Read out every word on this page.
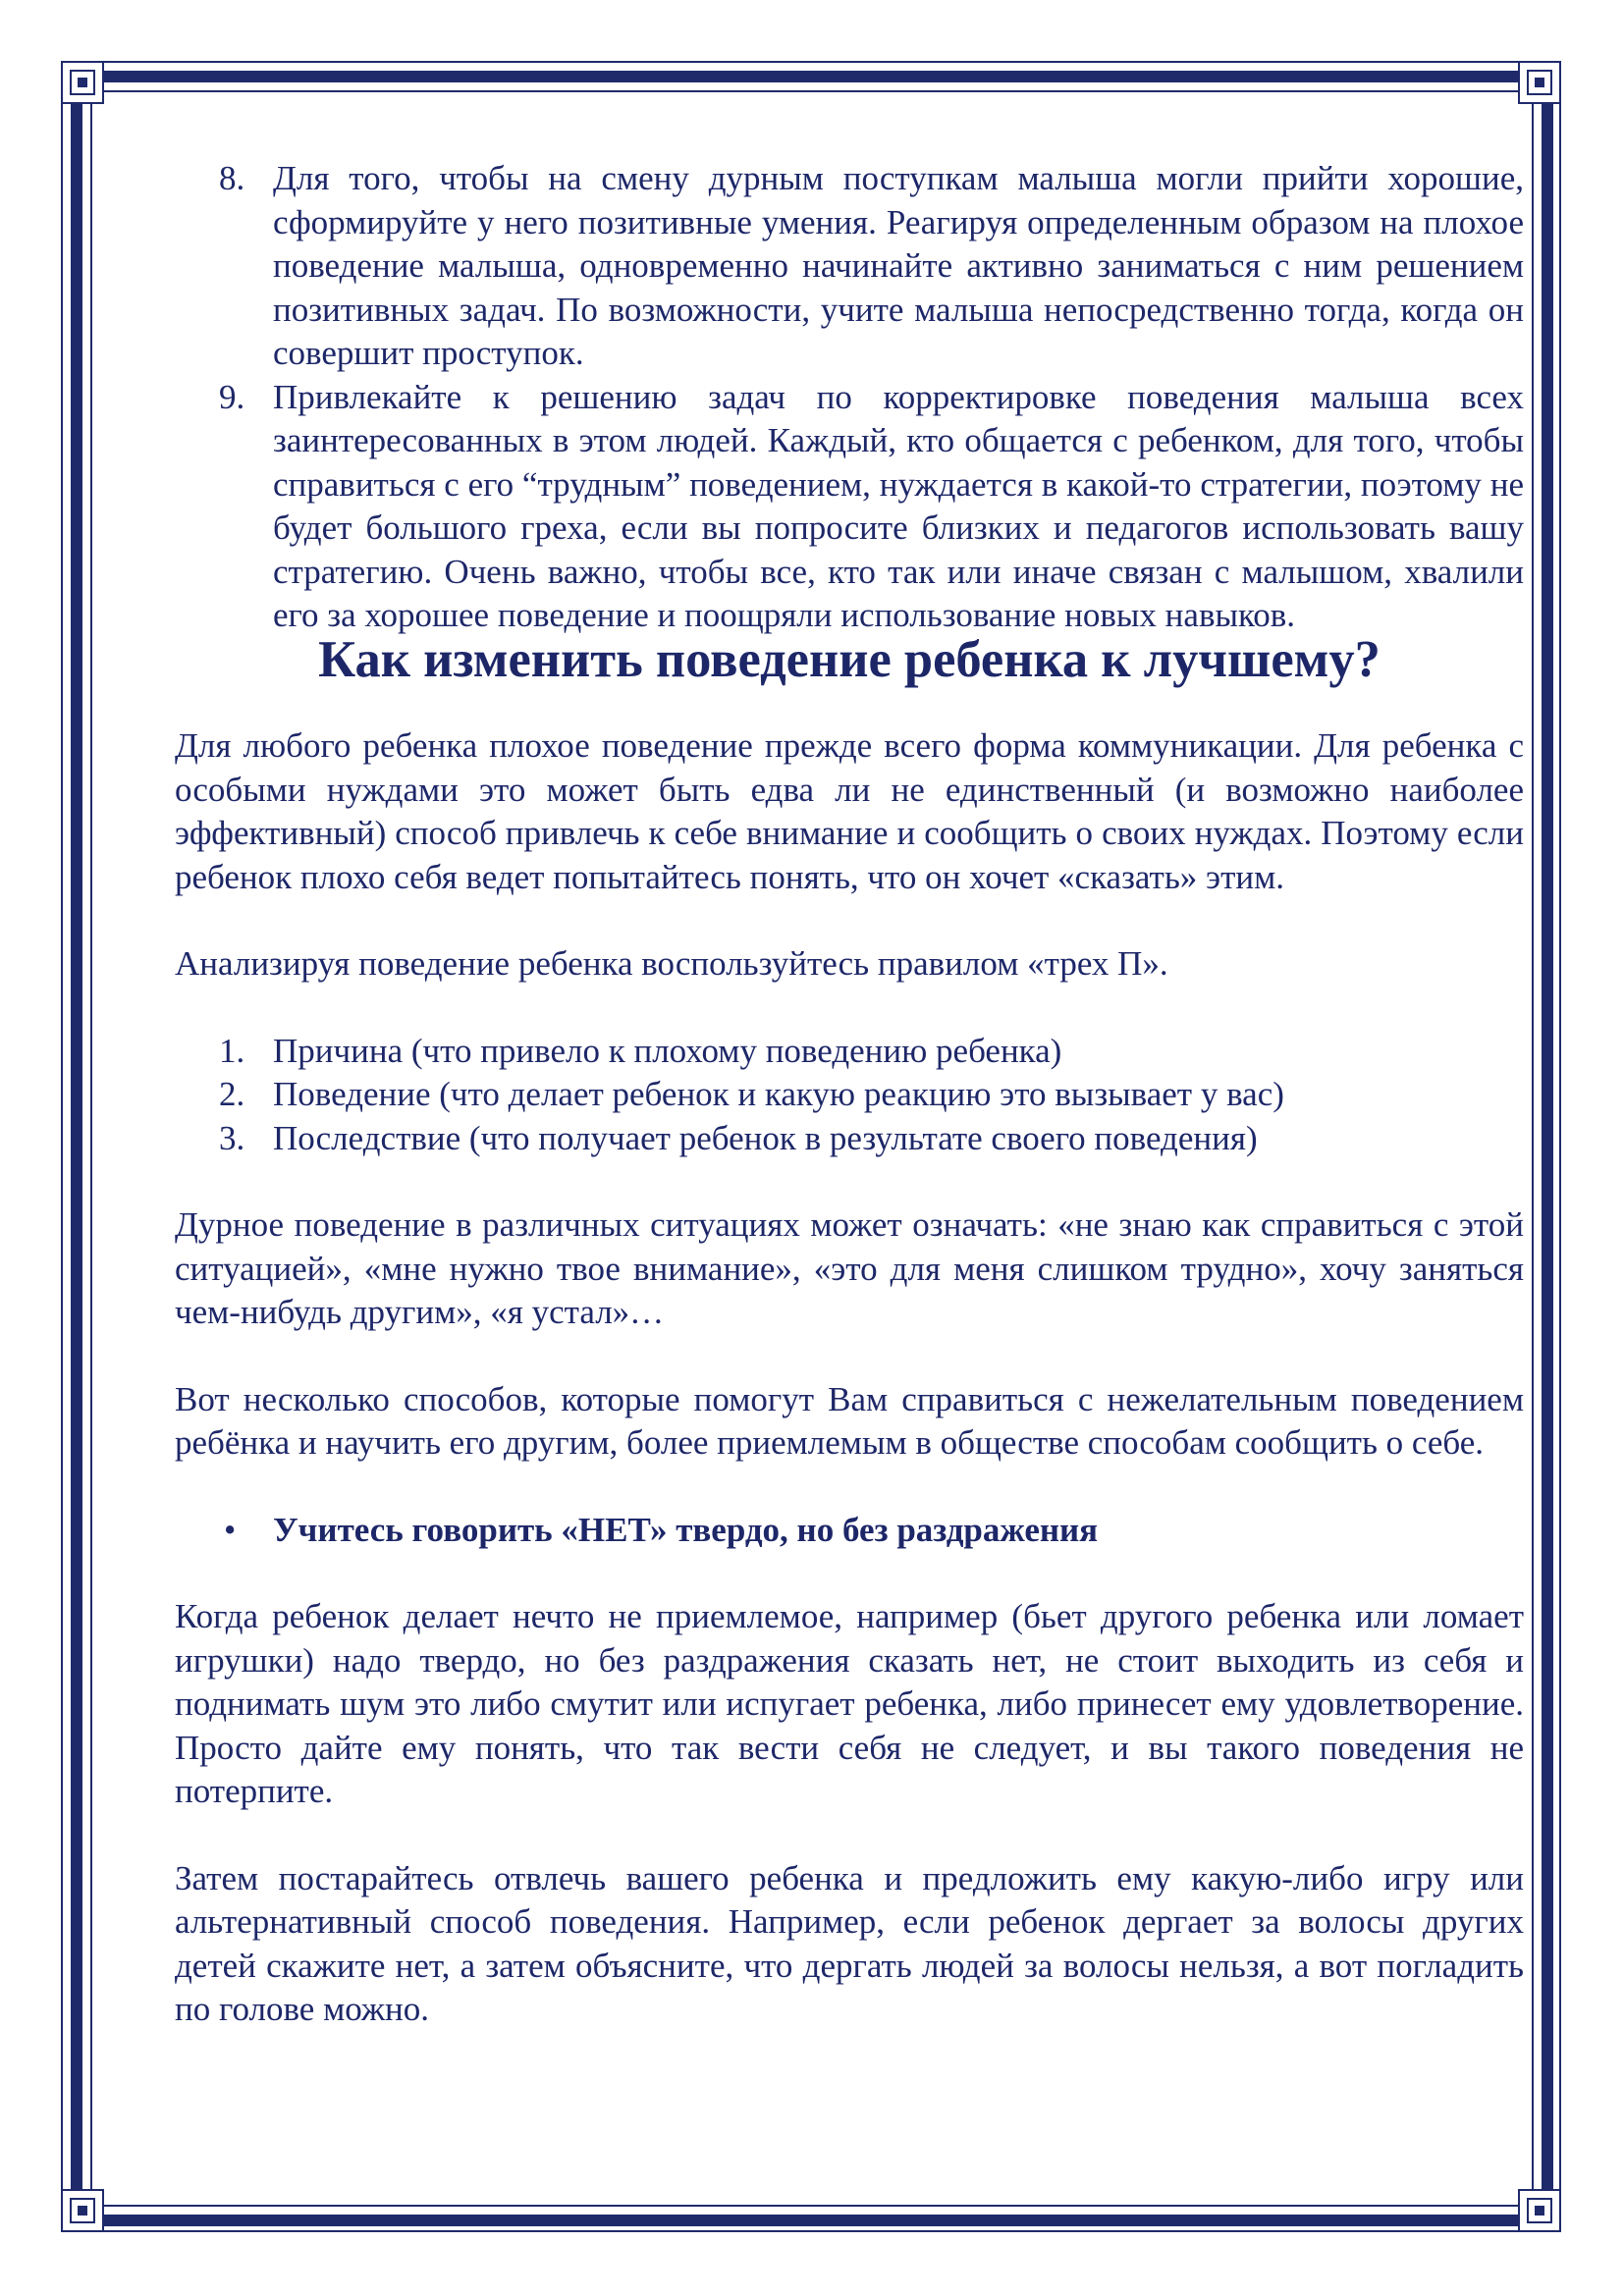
8. Для того, чтобы на смену дурным поступкам малыша могли прийти хорошие, сформируйте у него позитивные умения. Реагируя определенным образом на плохое поведение малыша, одновременно начинайте активно заниматься с ним решением позитивных задач. По возможности, учите малыша непосредственно тогда, когда он совершит проступок.
9. Привлекайте к решению задач по корректировке поведения малыша всех заинтересованных в этом людей. Каждый, кто общается с ребенком, для того, чтобы справиться с его “трудным” поведением, нуждается в какой-то стратегии, поэтому не будет большого греха, если вы попросите близких и педагогов использовать вашу стратегию. Очень важно, чтобы все, кто так или иначе связан с малышом, хвалили его за хорошее поведение и поощряли использование новых навыков.
Как изменить поведение ребенка к лучшему?

Для любого ребенка плохое поведение прежде всего форма коммуникации. Для ребенка с особыми нуждами это может быть едва ли не единственный (и возможно наиболее эффективный) способ привлечь к себе внимание и сообщить о своих нуждах. Поэтому если ребенок плохо себя ведет попытайтесь понять, что он хочет «сказать» этим.

Анализируя поведение ребенка воспользуйтесь правилом «трех П».

1. Причина (что привело к плохому поведению ребенка)
2. Поведение (что делает ребенок и какую реакцию это вызывает у вас)
3. Последствие (что получает ребенок в результате своего поведения)

Дурное поведение в различных ситуациях может означать: «не знаю как справиться с этой ситуацией», «мне нужно твое внимание», «это для меня слишком трудно», хочу заняться чем-нибудь другим», «я устал»…

Вот несколько способов, которые помогут Вам справиться с нежелательным поведением ребёнка и научить его другим, более приемлемым в обществе способам сообщить о себе.

• Учитесь говорить «НЕТ» твердо, но без раздражения

Когда ребенок делает нечто не приемлемое, например (бьет другого ребенка или ломает игрушки) надо твердо, но без раздражения сказать нет, не стоит выходить из себя и поднимать шум это либо смутит или испугает ребенка, либо принесет ему удовлетворение. Просто дайте ему понять, что так вести себя не следует, и вы такого поведения не потерпите.

Затем постарайтесь отвлечь вашего ребенка и предложить ему какую-либо игру или альтернативный способ поведения. Например, если ребенок дергает за волосы других детей скажите нет, а затем объясните, что дергать людей за волосы нельзя, а вот погладить по голове можно.
